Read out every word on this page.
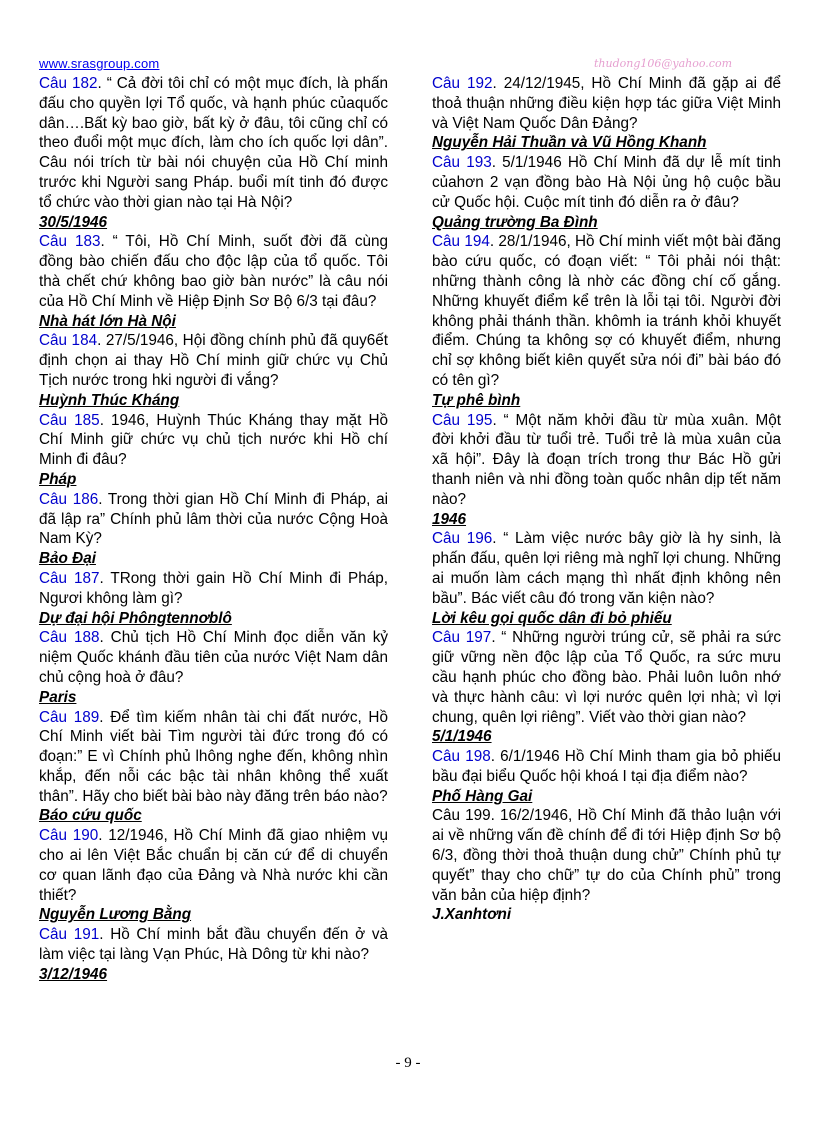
www.srasgroup.com	thudong106@yahoo.com

Câu 182. “ Cả đời tôi chỉ có một mục đích, là phấn đấu cho quyền lợi Tổ quốc, và hạnh phúc củaquốc dân….Bất kỳ bao giờ, bất kỳ ở đâu, tôi cũng chỉ có theo đuổi một mục đích, làm cho ích quốc lợi dân”. Câu nói trích từ bài nói chuyện của Hồ Chí minh trước khi Người sang Pháp. buổi mít tinh đó được tổ chức vào thời gian nào tại Hà Nội?

30/5/1946

Câu 183. “ Tôi, Hồ Chí Minh, suốt đời đã cùng đồng bào chiến đấu cho độc lập của tổ quốc. Tôi thà chết chứ không bao giờ bàn nước” là câu nói của Hồ Chí Minh về Hiệp Định Sơ Bộ 6/3 tại đâu?

Nhà hát lớn Hà Nội

Câu 184. 27/5/1946, Hội đồng chính phủ đã quy6ết định chọn ai thay Hồ Chí minh giữ chức vụ Chủ Tịch nước trong hki người đi vắng?

Huỳnh Thúc Kháng

Câu 185. 1946, Huỳnh Thúc Kháng thay mặt Hồ Chí Minh giữ chức vụ chủ tịch nước khi Hồ chí Minh đi đâu?

Pháp

Câu 186. Trong thời gian Hồ Chí Minh đi Pháp, ai đã lập ra” Chính phủ lâm thời của nước Cộng Hoà Nam Kỳ?

Bảo Đại

Câu 187. TRong thời gain Hồ Chí Minh đi Pháp, Ngươi không làm gì?

Dự đại hội Phôngtennơblô

Câu 188. Chủ tịch Hồ Chí Minh đọc diễn văn kỷ niệm Quốc khánh đầu tiên của nước Việt Nam dân chủ cộng hoà ở đâu?

Paris

Câu 189. Để tìm kiếm nhân tài chi đất nước, Hồ Chí Minh viết bài Tìm người tài đức trong đó có đoạn:” E vì Chính phủ lhông nghe đến, không nhìn khắp, đến nỗi các bậc tài nhân không thể xuất thân”. Hãy cho biết bài bào này đăng trên báo nào?

Báo cứu quốc

Câu 190. 12/1946, Hồ Chí Minh đã giao nhiệm vụ cho ai lên Việt Bắc chuẩn bị căn cứ để di chuyển cơ quan lãnh đạo của Đảng và Nhà nước khi cần thiết?

Nguyễn Lương Bằng

Câu 191. Hồ Chí minh bắt đầu chuyển đến ở và làm việc tại làng Vạn Phúc, Hà Dông từ khi nào?

3/12/1946

Câu 192. 24/12/1945, Hồ Chí Minh đã gặp ai để thoả thuận những điều kiện hợp tác giữa Việt Minh và Việt Nam Quốc Dân Đảng?

Nguyễn Hải Thuần và Vũ Hồng Khanh

Câu 193. 5/1/1946 Hồ Chí Minh đã dự lễ mít tinh củahơn 2 vạn đồng bào Hà Nội ủng hộ cuộc bầu cử Quốc hội. Cuộc mít tinh đó diễn ra ở đâu?

Quảng trường Ba Đình

Câu 194. 28/1/1946, Hồ Chí minh viết một bài đăng bào cứu quốc, có đoạn viết: “ Tôi phải nói thật: những thành công là nhờ các đồng chí cố gắng. Những khuyết điểm kể trên là lỗi tại tôi. Người đời không phải thánh thần. khômh ia tránh khỏi khuyết điểm. Chúng ta không sợ có khuyết điểm, nhưng chỉ sợ không biết kiên quyết sửa nói đi” bài báo đó có tên gì?

Tự phê bình

Câu 195. “ Một năm khởi đầu từ mùa xuân. Một đời khởi đầu từ tuổi trẻ. Tuổi trẻ là mùa xuân của xã hội”. Đây là đoạn trích trong thư Bác Hồ gửi thanh niên và nhi đồng toàn quốc nhân dịp tết năm nào?

1946

Câu 196. “ Làm việc nước bây giờ là hy sinh, là phấn đấu, quên lợi riêng mà nghĩ lợi chung. Những ai muốn làm cách mạng thì nhất định không nên bầu”. Bác viết câu đó trong văn kiện nào?

Lời kêu gọi quốc dân đi bỏ phiếu

Câu 197. “ Những người trúng cử, sẽ phải ra sức giữ vững nền độc lập của Tổ Quốc, ra sức mưu cầu hạnh phúc cho đồng bào. Phải luôn luôn nhớ và thực hành câu: vì lợi nước quên lợi nhà; vì lợi chung, quên lợi riêng”. Viết vào thời gian nào?

5/1/1946

Câu 198. 6/1/1946 Hồ Chí Minh tham gia bỏ phiếu bầu đại biểu Quốc hội khoá I tại địa điểm nào?

Phố Hàng Gai

Câu 199. 16/2/1946, Hồ Chí Minh đã thảo luận với ai về những vấn đề chính để đi tới Hiệp định Sơ bộ 6/3, đồng thời thoả thuận dung chử” Chính phủ tự quyết” thay cho chữ” tự do của Chính phủ” trong văn bản của hiệp định?

J.Xanhtơni

- 9 -
